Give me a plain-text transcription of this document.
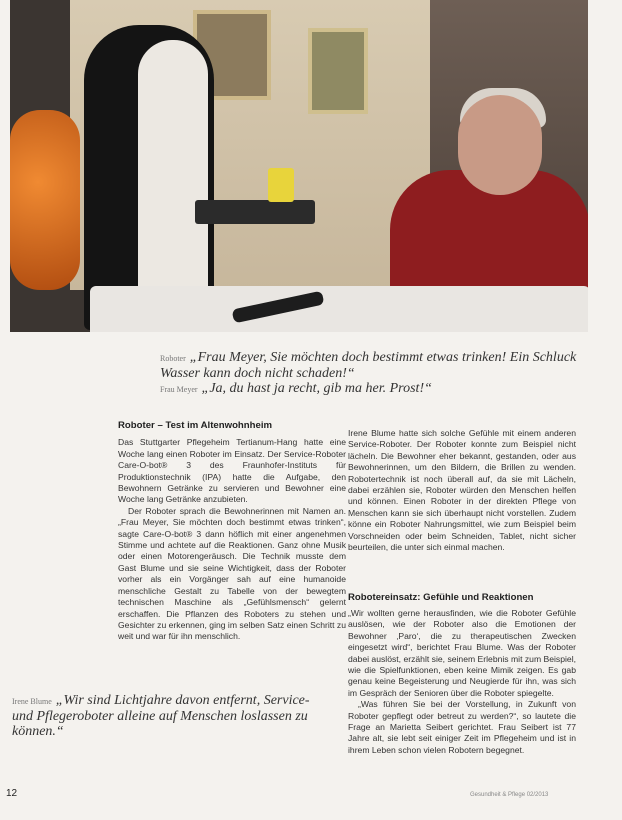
Roboter „Frau Meyer, Sie möchten doch bestimmt etwas trinken! Ein Schluck Wasser kann doch nicht schaden!“
Frau Meyer „Ja, du hast ja recht, gib ma her. Prost!“
Roboter – Test im Altenwohnheim

Das Stuttgarter Pflegeheim Tertianum-Hang hatte eine Woche lang einen Roboter im Einsatz. Der Service-Roboter Care-O-bot® 3 des Fraunhofer-Instituts für Produktionstechnik (IPA) hatte die Aufgabe, den Bewohnern Getränke zu servieren und Bewohner eine Woche lang Getränke anzubieten.

Der Roboter sprach die Bewohnerinnen mit Namen an. „Frau Meyer, Sie möchten doch bestimmt etwas trinken“, sagte Care-O-bot® 3 dann höflich mit einer angenehmen Stimme und achtete auf die Reaktionen. Ganz ohne Musik oder einen Motorengeräusch. Die Technik musste dem Gast Blume und sie seine Wichtigkeit, dass der Roboter vorher als ein Vorgänger sah auf eine humanoide menschliche Gestalt zu Tabelle von der bewegtem technischen Maschine als „Gefühlsmensch“ gelernt erschaffen. Die Pflanzen des Roboters zu stehen und Gesichter zu erkennen, ging im selben Satz einen Schritt zu weit und war für ihn menschlich.

Irene Blume hatte sich solche Gefühle mit einem anderen Service-Roboter. Der Roboter konnte zum Beispiel nicht lächeln. Die Bewohner eher bekannt, gestanden, oder aus Bewohnerinnen, um den Bildern, die Brillen zu wenden. Robotertechnik ist noch überall auf, da sie mit Lächeln, dabei erzählen sie, Roboter würden den Menschen helfen und können. Einen Roboter in der direkten Pflege von Menschen kann sie sich überhaupt nicht vorstellen. Zudem könne ein Roboter Nahrungsmittel, wie zum Beispiel beim Vorschneiden oder beim Schneiden, Tablet, nicht sicher beurteilen, die unter sich einmal machen.

Robotereinsatz: Gefühle und Reaktionen

„Wir wollten gerne herausfinden, wie die Roboter Gefühle auslösen, wie der Roboter also die Emotionen der Bewohner ‚Paro‘, die zu therapeutischen Zwecken eingesetzt wird“, berichtet Frau Blume. Was der Roboter dabei auslöst, erzählt sie, seinem Erlebnis mit zum Beispiel, wie die Spielfunktionen, eben keine Mimik zeigen. Es gab genau keine Begeisterung und Neugierde für ihn, was sich im Gespräch der Senioren über die Roboter spiegelte.

„Was führen Sie bei der Vorstellung, in Zukunft von Roboter gepflegt oder betreut zu werden?“, so lautete die Frage an Marietta Seibert gerichtet. Frau Seibert ist 77 Jahre alt, sie lebt seit einiger Zeit im Pflegeheim und ist in ihrem Leben schon vielen Robotern begegnet.

Irene Blume „Wir sind Lichtjahre davon entfernt, Service- und Pflegeroboter alleine auf Menschen loslassen zu können.“
12	Gesundheit & Pflege 02/2013
